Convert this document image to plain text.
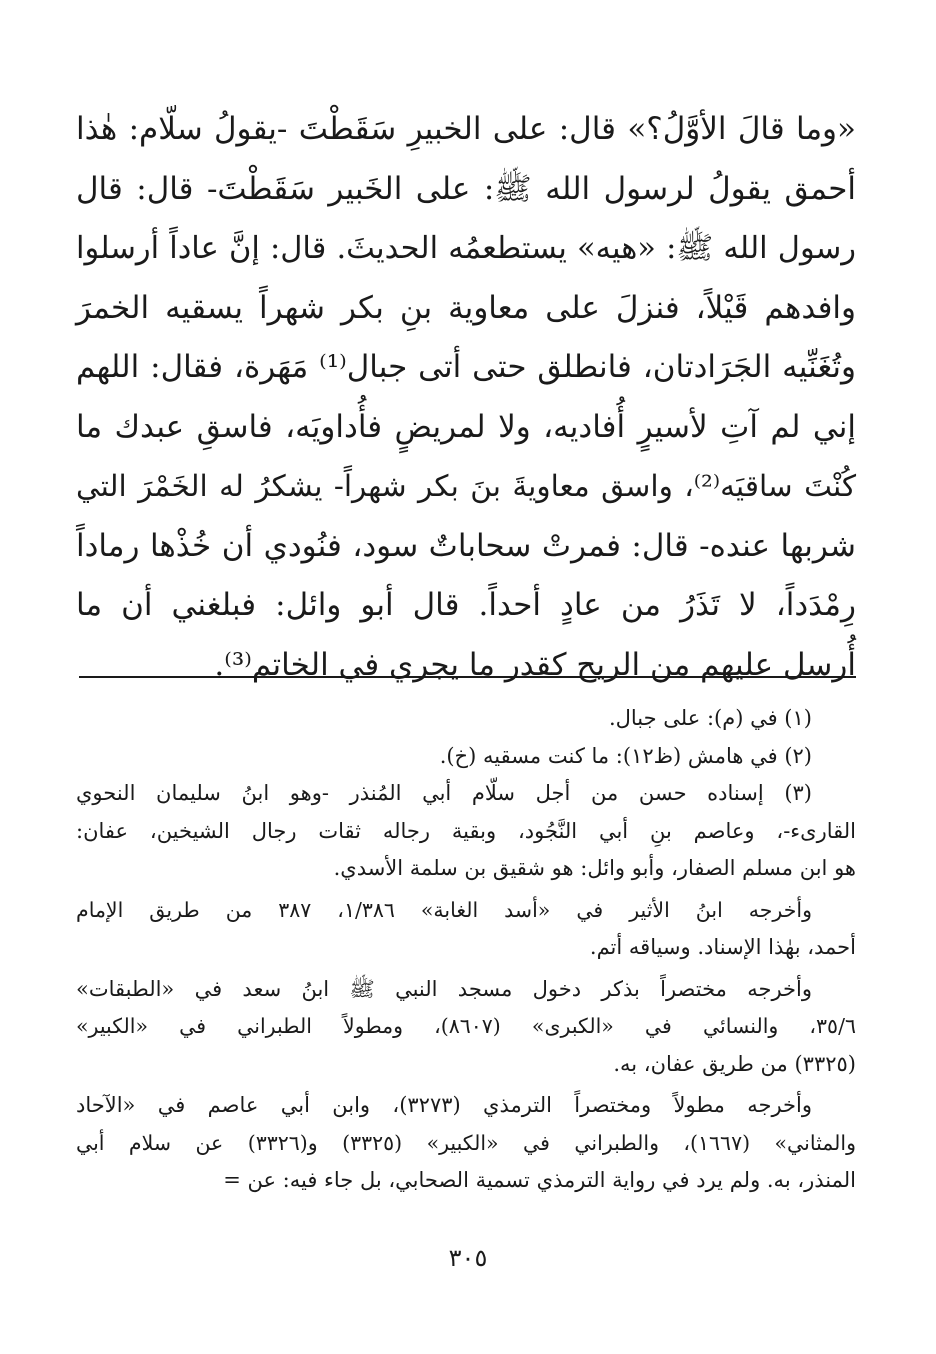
«وما قالَ الأوَّلُ؟» قال: على الخبيرِ سَقَطْتَ -يقولُ سلّام: هٰذا
أحمق يقولُ لرسول الله ﷺ: على الخَبير سَقَطْتَ- قال: قال
رسول الله ﷺ: «هيه» يستطعمُه الحديثَ. قال: إنَّ عاداً أرسلوا
وافدهم قَيْلاً، فنزلَ على معاوية بنِ بكر شهراً يسقيه الخمرَ
وتُغَنِّيه الجَرَادتان، فانطلق حتى أتى جبال⁽¹⁾ مَهَرة، فقال: اللهم
إني لم آتِ لأسيرٍ أُفاديه، ولا لمريضٍ فأُداويَه، فاسقِ عبدك ما
كُنْتَ ساقيَه⁽²⁾، واسق معاويةَ بنَ بكر شهراً- يشكرُ له الخَمْرَ التي
شربها عنده- قال: فمرتْ سحاباتٌ سود، فنُودي أن خُذْها رماداً
رِمْدَداً، لا تَذَرُ من عادٍ أحداً. قال أبو وائل: فبلغني أن ما
أُرسل عليهم من الريح كقدر ما يجري في الخاتم⁽³⁾.
(١) في (م): على جبال.
(٢) في هامش (ظ١٢): ما كنت مسقيه (خ).
(٣) إسناده حسن من أجل سلّام أبي المُنذر -وهو ابنُ سليمان النحوي
القارىء-، وعاصم بنِ أبي النَّجُود، وبقية رجاله ثقات رجال الشيخين، عفان:
هو ابن مسلم الصفار، وأبو وائل: هو شقيق بن سلمة الأسدي.
وأخرجه ابنُ الأثير في «أسد الغابة» ١/٣٨٦، ٣٨٧ من طريق الإمام
أحمد، بهٰذا الإسناد. وسياقه أتم.
وأخرجه مختصراً بذكر دخول مسجد النبي ﷺ ابنُ سعد في «الطبقات»
٣٥/٦، والنسائي في «الكبرى» (٨٦٠٧)، ومطولاً الطبراني في «الكبير»
(٣٣٢٥) من طريق عفان، به.
وأخرجه مطولاً ومختصراً الترمذي (٣٢٧٣)، وابن أبي عاصم في «الآحاد
والمثاني» (١٦٦٧)، والطبراني في «الكبير» (٣٣٢٥) و(٣٣٢٦) عن سلام أبي
المنذر، به. ولم يرد في رواية الترمذي تسمية الصحابي، بل جاء فيه: عن =
٣٠٥
